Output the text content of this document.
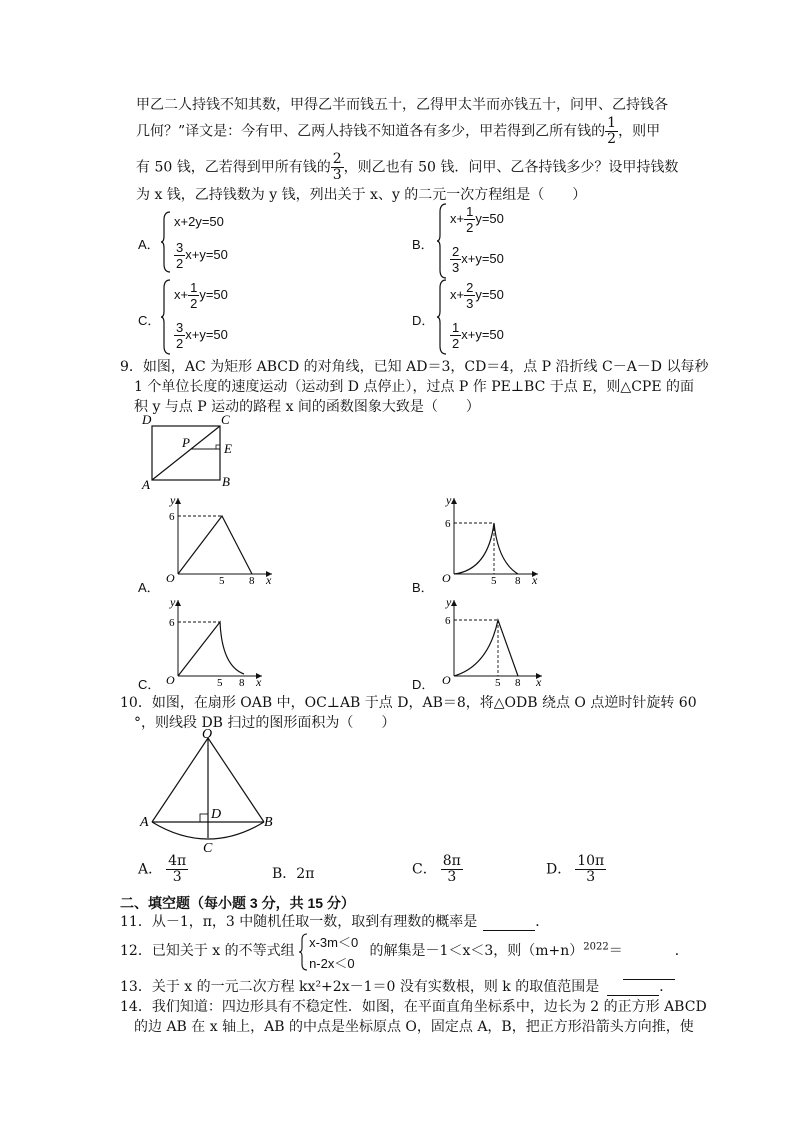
甲乙二人持钱不知其数，甲得乙半而钱五十，乙得甲太半而亦钱五十，问甲、乙持钱各
几何？”译文是：今有甲、乙两人持钱不知道各有多少，甲若得到乙所有钱的 $\frac{1}{2}$ ，则甲
有 50 钱，乙若得到甲所有钱的 $\frac{2}{3}$ ，则乙也有 50 钱．问甲、乙各持钱多少？设甲持钱数
为 x 钱，乙持钱数为 y 钱，列出关于 x、y 的二元一次方程组是（　　）
A．
x+2y=50
$\frac{3}{2} x+y=50$
B．
$x+ \frac{1}{2} y=50$
$\frac{2}{3} x+y=50$
C．
$x+ \frac{1}{2} y=50$
$\frac{3}{2} x+y=50$
D．
$x+ \frac{2}{3} y=50$
$\frac{1}{2} x+y=50$
9．如图，AC 为矩形 ABCD 的对角线，已知 AD＝3，CD＝4，点 P 沿折线 C－A－D 以每秒
1 个单位长度的速度运动（运动到 D 点停止），过点 P 作 PE⊥BC 于点 E，则△CPE 的面
积 y 与点 P 运动的路程 x 间的函数图象大致是（　　）
D	C
P	E
A	B
A．
y
x
O
6
5 8	B．
y
x
O
6
5 8
C．
y
x
O
6
5 8	D．
y
x
O
6
5 8
10．如图，在扇形 OAB 中，OC⊥AB 于点 D，AB＝8，将△ODB 绕点 O 点逆时针旋转 60
°，则线段 DB 扫过的图形面积为（　　）
O
A	B
C
D
A． $\frac{4\pi}{3}$	B．2π	C． $\frac{8\pi}{3}$	D． $\frac{10\pi}{3}$
二、填空题（每小题 3 分，共 15 分）
11．从－1，π，3 中随机任取一数，取到有理数的概率是	．
12．已知关于 x 的不等式组
x-3m＜0
n-2x＜0
的解集是－1＜x＜3，则$(m+n)^{2022}=$	．
13．关于 x 的一元二次方程 kx²+2x－1＝0 没有实数根，则 k 的取值范围是	．
14．我们知道：四边形具有不稳定性．如图，在平面直角坐标系中，边长为 2 的正方形 ABCD
的边 AB 在 x 轴上，AB 的中点是坐标原点 O，固定点 A，B，把正方形沿箭头方向推，使
